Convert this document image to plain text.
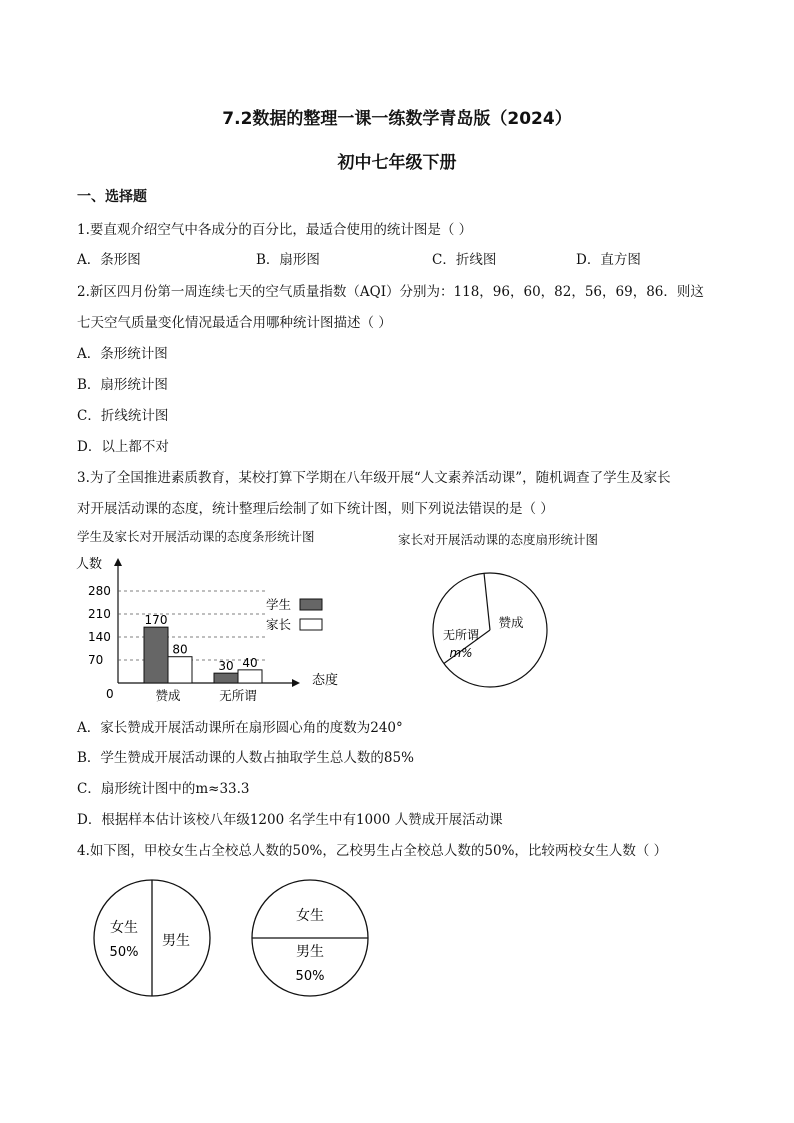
7.2数据的整理一课一练数学青岛版（2024）
初中七年级下册
一、选择题
1.要直观介绍空气中各成分的百分比，最适合使用的统计图是（ ）
A．条形图	B．扇形图	C．折线图	D．直方图
2.新区四月份第一周连续七天的空气质量指数（AQI）分别为：118，96，60，82，56，69，86．则这
七天空气质量变化情况最适合用哪种统计图描述（ ）
A．条形统计图
B．扇形统计图
C．折线统计图
D．以上都不对
3.为了全国推进素质教育，某校打算下学期在八年级开展“人文素养活动课”，随机调查了学生及家长
对开展活动课的态度，统计整理后绘制了如下统计图，则下列说法错误的是（ ）
学生及家长对开展活动课的态度条形统计图	家长对开展活动课的态度扇形统计图
人数
态度
0
70
140
210
280
赞成	无所谓
学生
家长
170
80
30 40
赞成
无所谓
m%
A．家长赞成开展活动课所在扇形圆心角的度数为240°
B．学生赞成开展活动课的人数占抽取学生总人数的85%
C．扇形统计图中的m≈33.3
D．根据样本估计该校八年级1200 名学生中有1000 人赞成开展活动课
4.如下图，甲校女生占全校总人数的50%，乙校男生占全校总人数的50%，比较两校女生人数（ ）
女生
50%
男生
女生
男生
50%
